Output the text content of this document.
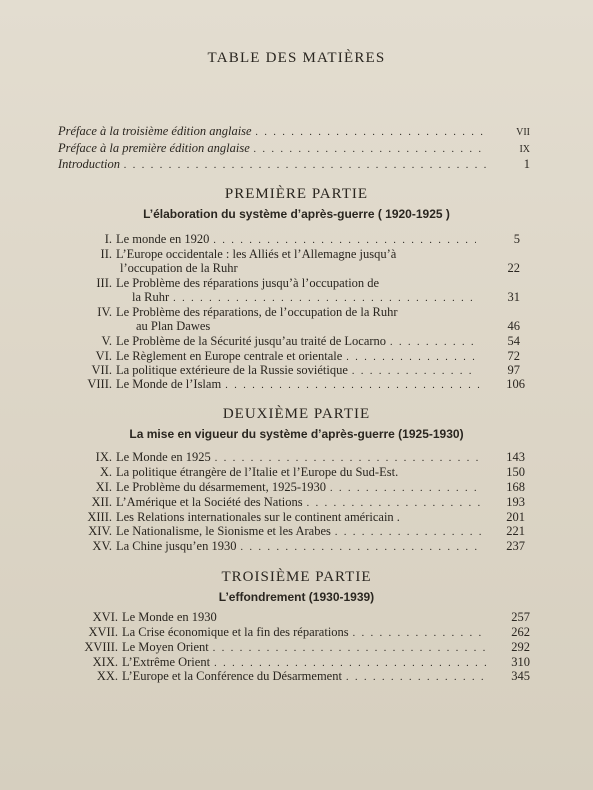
TABLE DES MATIÈRES
Préface à la troisième édition anglaise . . .	VII
Préface à la première édition anglaise . . .	IX
Introduction . . .	1
PREMIÈRE PARTIE
L’élaboration du système d’après-guerre ( 1920-1925 )
I. Le monde en 1920 . . .	5
II. L’Europe occidentale : les Alliés et l’Allemagne jusqu’à
l’occupation de la Ruhr	22
III. Le Problème des réparations jusqu’à l’occupation de
la Ruhr . . .	31
IV. Le Problème des réparations, de l’occupation de la Ruhr
au Plan Dawes	46
V. Le Problème de la Sécurité jusqu’au traité de Locarno . . .	54
VI. Le Règlement en Europe centrale et orientale . . .	72
VII. La politique extérieure de la Russie soviétique . . .	97
VIII. Le Monde de l’Islam . . .	106
DEUXIÈME PARTIE
La mise en vigueur du système d’après-guerre (1925-1930)
IX. Le Monde en 1925 . . .	143
X. La politique étrangère de l’Italie et l’Europe du Sud-Est.	150
XI. Le Problème du désarmement, 1925-1930 . . .	168
XII. L’Amérique et la Société des Nations . . .	193
XIII. Les Relations internationales sur le continent américain .	201
XIV. Le Nationalisme, le Sionisme et les Arabes . . .	221
XV. La Chine jusqu’en 1930 . . .	237
TROISIÈME PARTIE
L’effondrement (1930-1939)
XVI. Le Monde en 1930	257
XVII. La Crise économique et la fin des réparations . . .	262
XVIII. Le Moyen Orient . . .	292
XIX. L’Extrême Orient . . .	310
XX. L’Europe et la Conférence du Désarmement . . .	345
